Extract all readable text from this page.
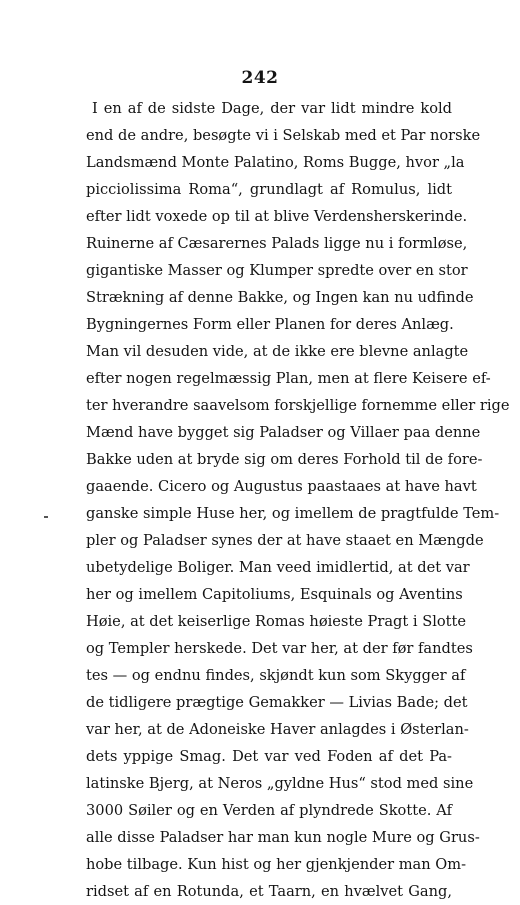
242
I en af de sidste Dage, der var lidt mindre kold
end de andre, besøgte vi i Selskab med et Par norske
Landsmænd Monte Palatino, Roms Bugge, hvor „la
picciolissima Roma“, grundlagt af Romulus, lidt
efter lidt voxede op til at blive Verdensherskerinde.
Ruinerne af Cæsarernes Palads ligge nu i formløse,
gigantiske Masser og Klumper spredte over en stor
Strækning af denne Bakke, og Ingen kan nu udfinde
Bygningernes Form eller Planen for deres Anlæg.
Man vil desuden vide, at de ikke ere blevne anlagte
efter nogen regelmæssig Plan, men at flere Keisere ef-
ter hverandre saavelsom forskjellige fornemme eller rige
Mænd have bygget sig Paladser og Villaer paa denne
Bakke uden at bryde sig om deres Forhold til de fore-
gaaende. Cicero og Augustus paastaaes at have havt
ganske simple Huse her, og imellem de pragtfulde Tem-
pler og Paladser synes der at have staaet en Mængde
ubetydelige Boliger. Man veed imidlertid, at det var
her og imellem Capitoliums, Esquinals og Aventins
Høie, at det keiserlige Romas høieste Pragt i Slotte
og Templer herskede. Det var her, at der før fandtes
tes — og endnu findes, skjøndt kun som Skygger af
de tidligere prægtige Gemakker — Livias Bade; det
var her, at de Adoneiske Haver anlagdes i Østerlan-
dets yppige Smag. Det var ved Foden af det Pa-
latinske Bjerg, at Neros „gyldne Hus“ stod med sine
3000 Søiler og en Verden af plyndrede Skotte. Af
alle disse Paladser har man kun nogle Mure og Grus-
hobe tilbage. Kun hist og her gjenkjender man Om-
ridset af en Rotunda, et Taarn, en hvælvet Gang,
